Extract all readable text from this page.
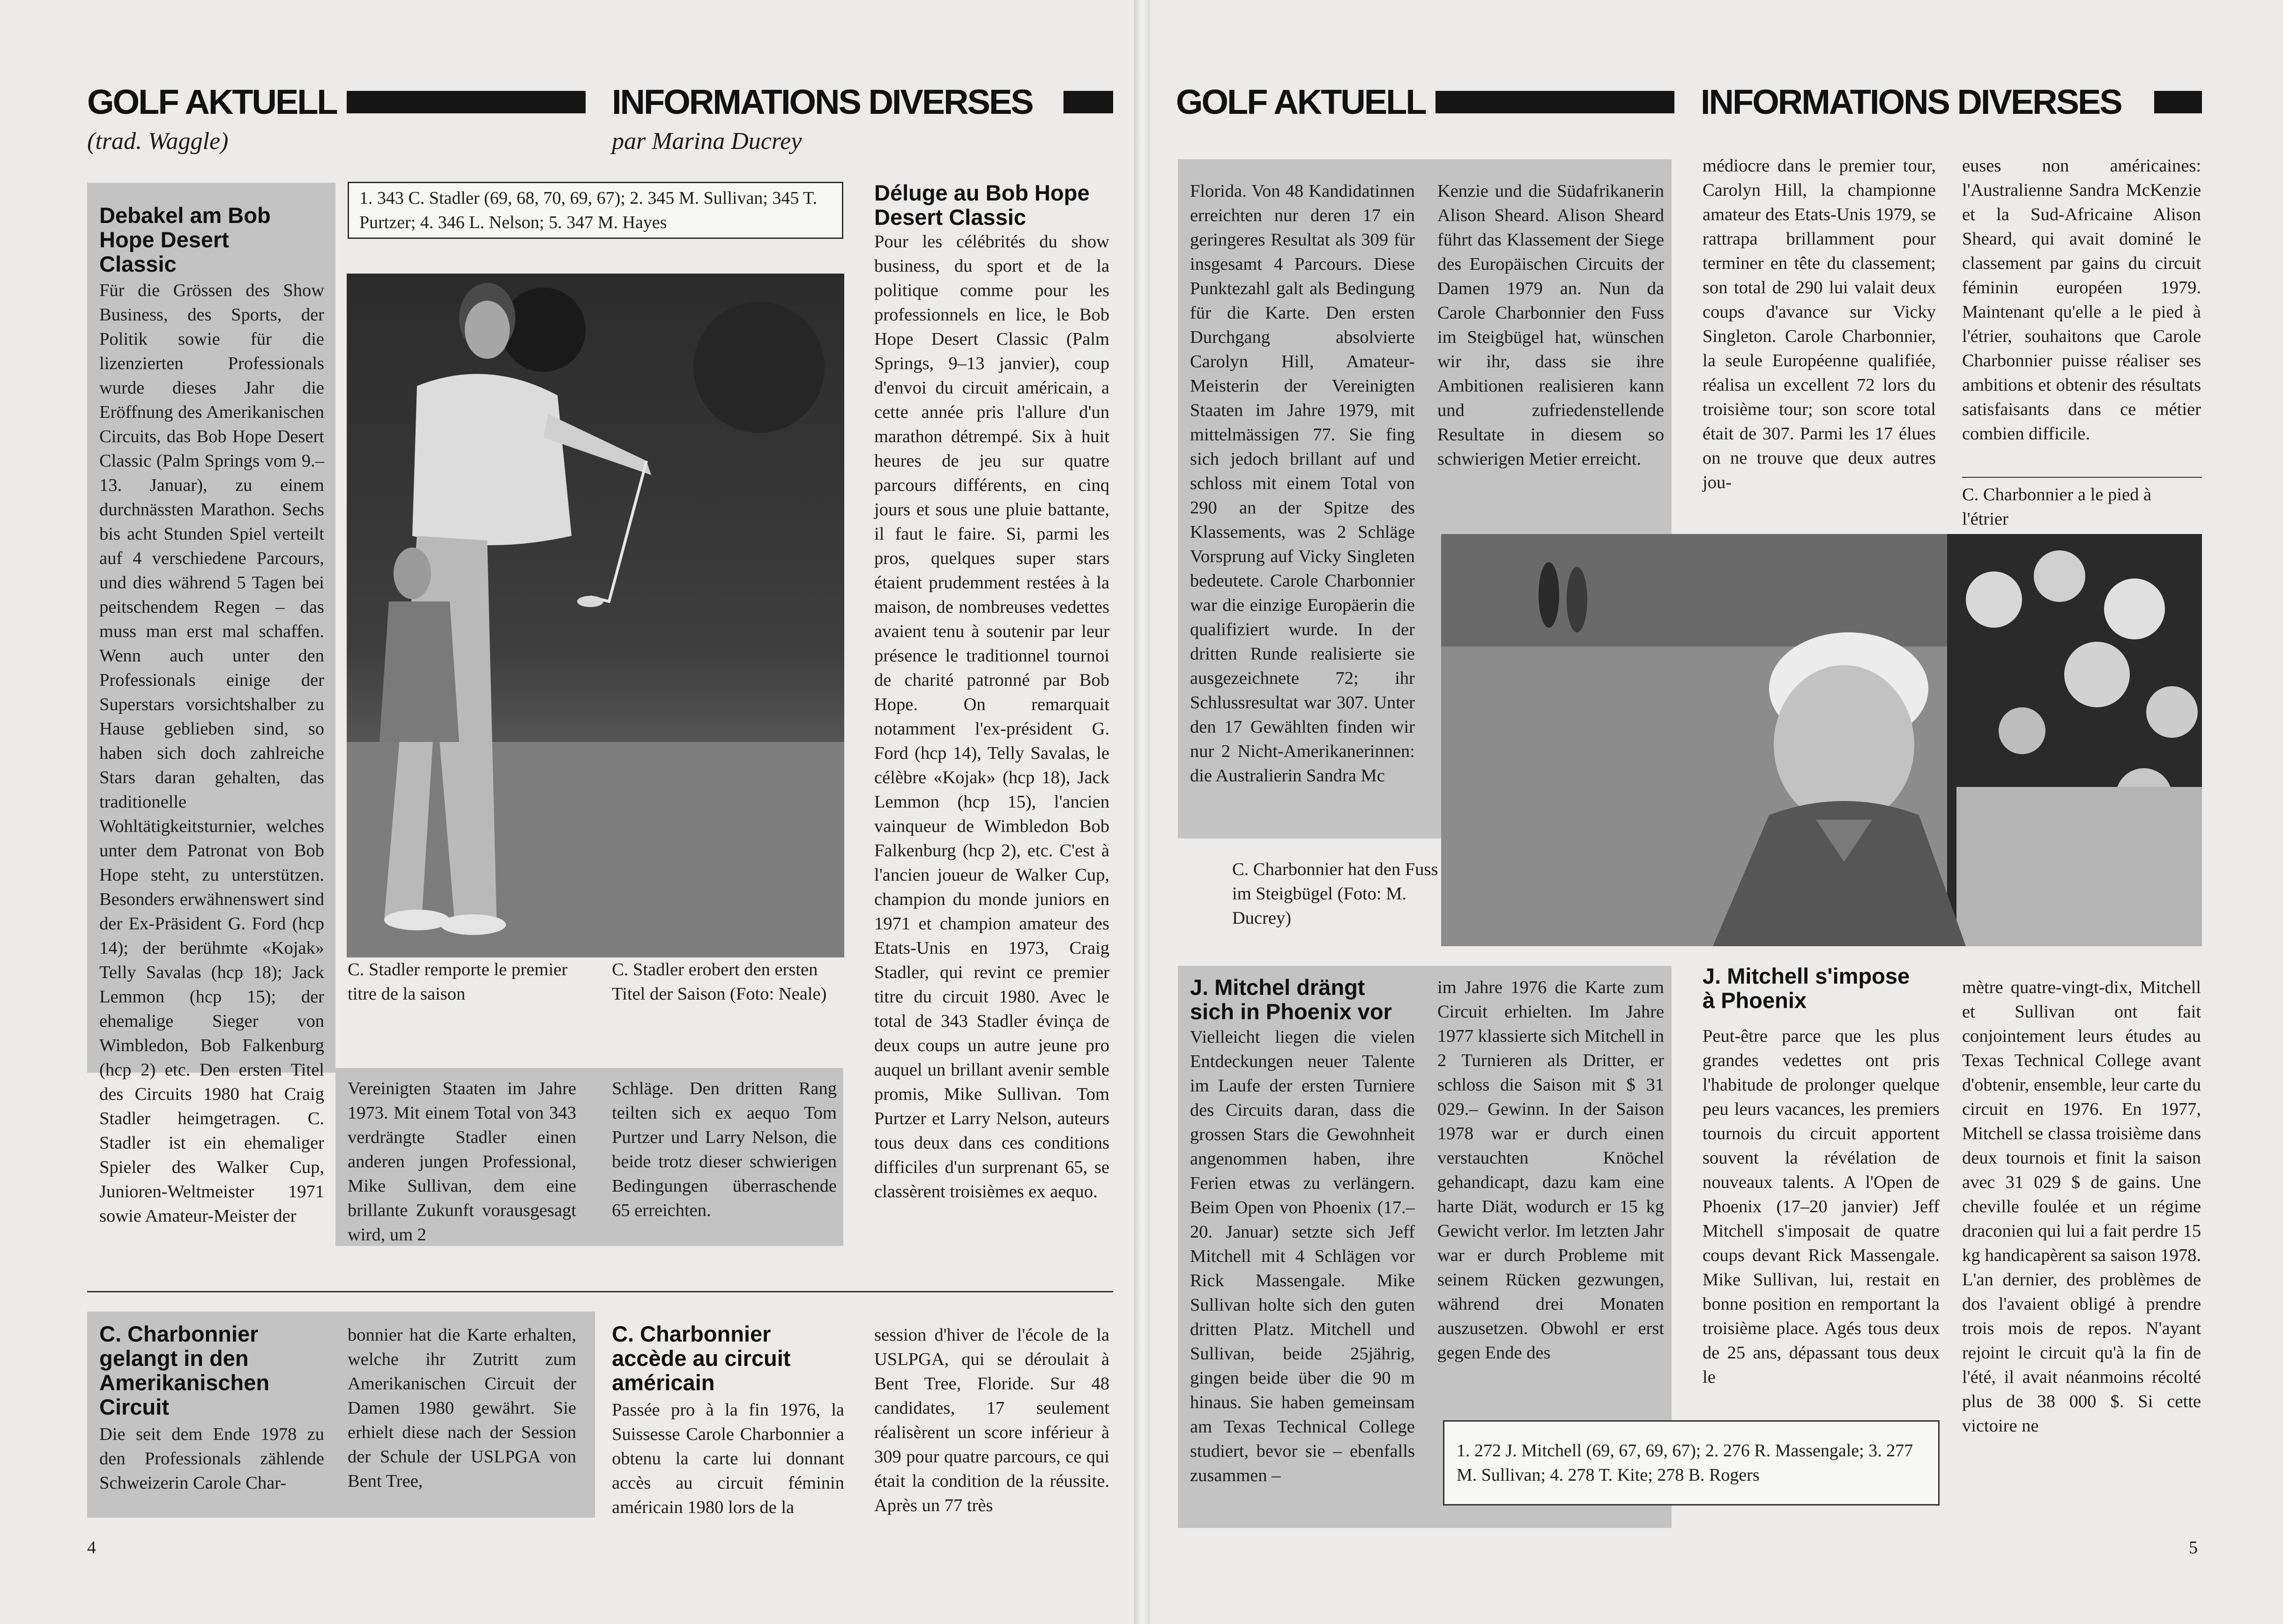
GOLF AKTUELL	INFORMATIONS DIVERSES
(trad. Waggle)	par Marina Ducrey
Debakel am Bob Hope Desert Classic
Für die Grössen des Show Business, des Sports, der Politik sowie für die lizenzierten Professionals wurde dieses Jahr die Eröffnung des Amerikanischen Circuits, das Bob Hope Desert Classic (Palm Springs vom 9.–13. Januar), zu einem durchnässten Marathon. Sechs bis acht Stunden Spiel verteilt auf 4 verschiedene Parcours, und dies während 5 Tagen bei peitschendem Regen – das muss man erst mal schaffen. Wenn auch unter den Professionals einige der Superstars vorsichtshalber zu Hause geblieben sind, so haben sich doch zahlreiche Stars daran gehalten, das traditionelle Wohltätigkeitsturnier, welches unter dem Patronat von Bob Hope steht, zu unterstützen. Besonders erwähnenswert sind der Ex-Präsident G. Ford (hcp 14); der berühmte «Kojak» Telly Savalas (hcp 18); Jack Lemmon (hcp 15); der ehemalige Sieger von Wimbledon, Bob Falkenburg (hcp 2) etc. Den ersten Titel des Circuits 1980 hat Craig Stadler heimgetragen. C. Stadler ist ein ehemaliger Spieler des Walker Cup, Junioren-Weltmeister 1971 sowie Amateur-Meister der
1. 343 C. Stadler (69, 68, 70, 69, 67); 2. 345 M. Sullivan; 345 T. Purtzer; 4. 346 L. Nelson; 5. 347 M. Hayes
C. Stadler remporte le premier titre de la saison
C. Stadler erobert den ersten Titel der Saison (Foto: Neale)
Vereinigten Staaten im Jahre 1973. Mit einem Total von 343 verdrängte Stadler einen anderen jungen Professional, Mike Sullivan, dem eine brillante Zukunft vorausgesagt wird, um 2
Schläge. Den dritten Rang teilten sich ex aequo Tom Purtzer und Larry Nelson, die beide trotz dieser schwierigen Bedingungen überraschende 65 erreichten.
Déluge au Bob Hope Desert Classic
Pour les célébrités du show business, du sport et de la politique comme pour les professionnels en lice, le Bob Hope Desert Classic (Palm Springs, 9–13 janvier), coup d'envoi du circuit américain, a cette année pris l'allure d'un marathon détrempé. Six à huit heures de jeu sur quatre parcours différents, en cinq jours et sous une pluie battante, il faut le faire. Si, parmi les pros, quelques super stars étaient prudemment restées à la maison, de nombreuses vedettes avaient tenu à soutenir par leur présence le traditionnel tournoi de charité patronné par Bob Hope. On remarquait notamment l'ex-président G. Ford (hcp 14), Telly Savalas, le célèbre «Kojak» (hcp 18), Jack Lemmon (hcp 15), l'ancien vainqueur de Wimbledon Bob Falkenburg (hcp 2), etc. C'est à l'ancien joueur de Walker Cup, champion du monde juniors en 1971 et champion amateur des Etats-Unis en 1973, Craig Stadler, qui revint ce premier titre du circuit 1980. Avec le total de 343 Stadler évinça de deux coups un autre jeune pro auquel un brillant avenir semble promis, Mike Sullivan. Tom Purtzer et Larry Nelson, auteurs tous deux dans ces conditions difficiles d'un surprenant 65, se classèrent troisièmes ex aequo.
C. Charbonnier gelangt in den Amerikanischen Circuit
Die seit dem Ende 1978 zu den Professionals zählende Schweizerin Carole Char-
bonnier hat die Karte erhalten, welche ihr Zutritt zum Amerikanischen Circuit der Damen 1980 gewährt. Sie erhielt diese nach der Session der Schule der USLPGA von Bent Tree,
C. Charbonnier accède au circuit américain
Passée pro à la fin 1976, la Suissesse Carole Charbonnier a obtenu la carte lui donnant accès au circuit féminin américain 1980 lors de la
session d'hiver de l'école de la USLPGA, qui se déroulait à Bent Tree, Floride. Sur 48 candidates, 17 seulement réalisèrent un score inférieur à 309 pour quatre parcours, ce qui était la condition de la réussite. Après un 77 très
4
GOLF AKTUELL	INFORMATIONS DIVERSES
Florida. Von 48 Kandidatinnen erreichten nur deren 17 ein geringeres Resultat als 309 für insgesamt 4 Parcours. Diese Punktezahl galt als Bedingung für die Karte. Den ersten Durchgang absolvierte Carolyn Hill, Amateur-Meisterin der Vereinigten Staaten im Jahre 1979, mit mittelmässigen 77. Sie fing sich jedoch brillant auf und schloss mit einem Total von 290 an der Spitze des Klassements, was 2 Schläge Vorsprung auf Vicky Singleten bedeutete. Carole Charbonnier war die einzige Europäerin die qualifiziert wurde. In der dritten Runde realisierte sie ausgezeichnete 72; ihr Schlussresultat war 307. Unter den 17 Gewählten finden wir nur 2 Nicht-Amerikanerinnen: die Australierin Sandra Mc
Kenzie und die Südafrikanerin Alison Sheard. Alison Sheard führt das Klassement der Siege des Europäischen Circuits der Damen 1979 an. Nun da Carole Charbonnier den Fuss im Steigbügel hat, wünschen wir ihr, dass sie ihre Ambitionen realisieren kann und zufriedenstellende Resultate in diesem so schwierigen Metier erreicht.
médiocre dans le premier tour, Carolyn Hill, la championne amateur des Etats-Unis 1979, se rattrapa brillamment pour terminer en tête du classement; son total de 290 lui valait deux coups d'avance sur Vicky Singleton. Carole Charbonnier, la seule Européenne qualifiée, réalisa un excellent 72 lors du troisième tour; son score total était de 307. Parmi les 17 élues on ne trouve que deux autres jou-
euses non américaines: l'Australienne Sandra McKenzie et la Sud-Africaine Alison Sheard, qui avait dominé le classement par gains du circuit féminin européen 1979. Maintenant qu'elle a le pied à l'étrier, souhaitons que Carole Charbonnier puisse réaliser ses ambitions et obtenir des résultats satisfaisants dans ce métier combien difficile.
C. Charbonnier a le pied à l'étrier
C. Charbonnier hat den Fuss im Steigbügel (Foto: M. Ducrey)
J. Mitchel drängt sich in Phoenix vor
Vielleicht liegen die vielen Entdeckungen neuer Talente im Laufe der ersten Turniere des Circuits daran, dass die grossen Stars die Gewohnheit angenommen haben, ihre Ferien etwas zu verlängern. Beim Open von Phoenix (17.–20. Januar) setzte sich Jeff Mitchell mit 4 Schlägen vor Rick Massengale. Mike Sullivan holte sich den guten dritten Platz. Mitchell und Sullivan, beide 25jährig, gingen beide über die 90 m hinaus. Sie haben gemeinsam am Texas Technical College studiert, bevor sie – ebenfalls zusammen –
im Jahre 1976 die Karte zum Circuit erhielten. Im Jahre 1977 klassierte sich Mitchell in 2 Turnieren als Dritter, er schloss die Saison mit $ 31 029.– Gewinn. In der Saison 1978 war er durch einen verstauchten Knöchel gehandicapt, dazu kam eine harte Diät, wodurch er 15 kg Gewicht verlor. Im letzten Jahr war er durch Probleme mit seinem Rücken gezwungen, während drei Monaten auszusetzen. Obwohl er erst gegen Ende des
J. Mitchell s'impose à Phoenix
Peut-être parce que les plus grandes vedettes ont pris l'habitude de prolonger quelque peu leurs vacances, les premiers tournois du circuit apportent souvent la révélation de nouveaux talents. A l'Open de Phoenix (17–20 janvier) Jeff Mitchell s'imposait de quatre coups devant Rick Massengale. Mike Sullivan, lui, restait en bonne position en remportant la troisième place. Agés tous deux de 25 ans, dépassant tous deux le
mètre quatre-vingt-dix, Mitchell et Sullivan ont fait conjointement leurs études au Texas Technical College avant d'obtenir, ensemble, leur carte du circuit en 1976. En 1977, Mitchell se classa troisième dans deux tournois et finit la saison avec 31 029 $ de gains. Une cheville foulée et un régime draconien qui lui a fait perdre 15 kg handicapèrent sa saison 1978. L'an dernier, des problèmes de dos l'avaient obligé à prendre trois mois de repos. N'ayant rejoint le circuit qu'à la fin de l'été, il avait néanmoins récolté plus de 38 000 $. Si cette victoire ne
1. 272 J. Mitchell (69, 67, 69, 67); 2. 276 R. Massengale; 3. 277 M. Sullivan; 4. 278 T. Kite; 278 B. Rogers
5
